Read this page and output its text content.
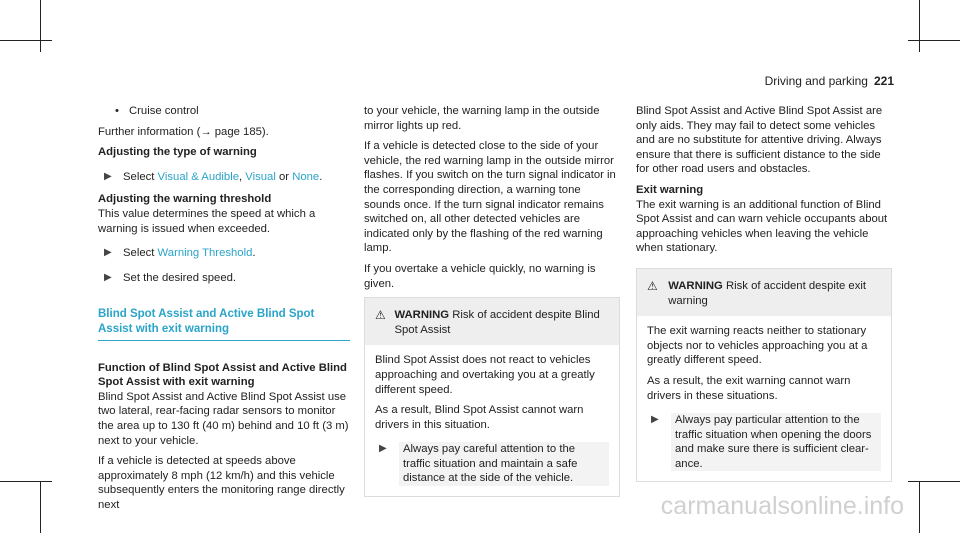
Driving and parking 221
• Cruise control

Further information (→ page 185).

Adjusting the type of warning

▶ Select Visual & Audible, Visual or None.

Adjusting the warning threshold

This value determines the speed at which a warning is issued when exceeded.

▶ Select Warning Threshold.
▶ Set the desired speed.
Blind Spot Assist and Active Blind Spot Assist with exit warning

Function of Blind Spot Assist and Active Blind Spot Assist with exit warning

Blind Spot Assist and Active Blind Spot Assist use two lateral, rear-facing radar sensors to monitor the area up to 130 ft (40 m) behind and 10 ft (3 m) next to your vehicle.

If a vehicle is detected at speeds above approximately 8 mph (12 km/h) and this vehicle subsequently enters the monitoring range directly next

to your vehicle, the warning lamp in the outside mirror lights up red.

If a vehicle is detected close to the side of your vehicle, the red warning lamp in the outside mirror flashes. If you switch on the turn signal indicator in the corresponding direction, a warning tone sounds once. If the turn signal indicator remains switched on, all other detected vehicles are indicated only by the flashing of the red warning lamp.

If you overtake a vehicle quickly, no warning is given.

⚠ WARNING Risk of accident despite Blind Spot Assist

Blind Spot Assist does not react to vehicles approaching and overtaking you at a greatly different speed.

As a result, Blind Spot Assist cannot warn drivers in this situation.

▶	Always pay careful attention to the traffic situation and maintain a safe distance at the side of the vehicle.

Blind Spot Assist and Active Blind Spot Assist are only aids. They may fail to detect some vehicles and are no substitute for attentive driving. Always ensure that there is sufficient distance to the side for other road users and obstacles.

Exit warning

The exit warning is an additional function of Blind Spot Assist and can warn vehicle occupants about approaching vehicles when leaving the vehicle when stationary.

⚠ WARNING Risk of accident despite exit warning

The exit warning reacts neither to stationary objects nor to vehicles approaching you at a greatly different speed.

As a result, the exit warning cannot warn drivers in these situations.

▶	Always pay particular attention to the traffic situation when opening the doors and make sure there is sufficient clear-ance.
carmanualsonline.info
